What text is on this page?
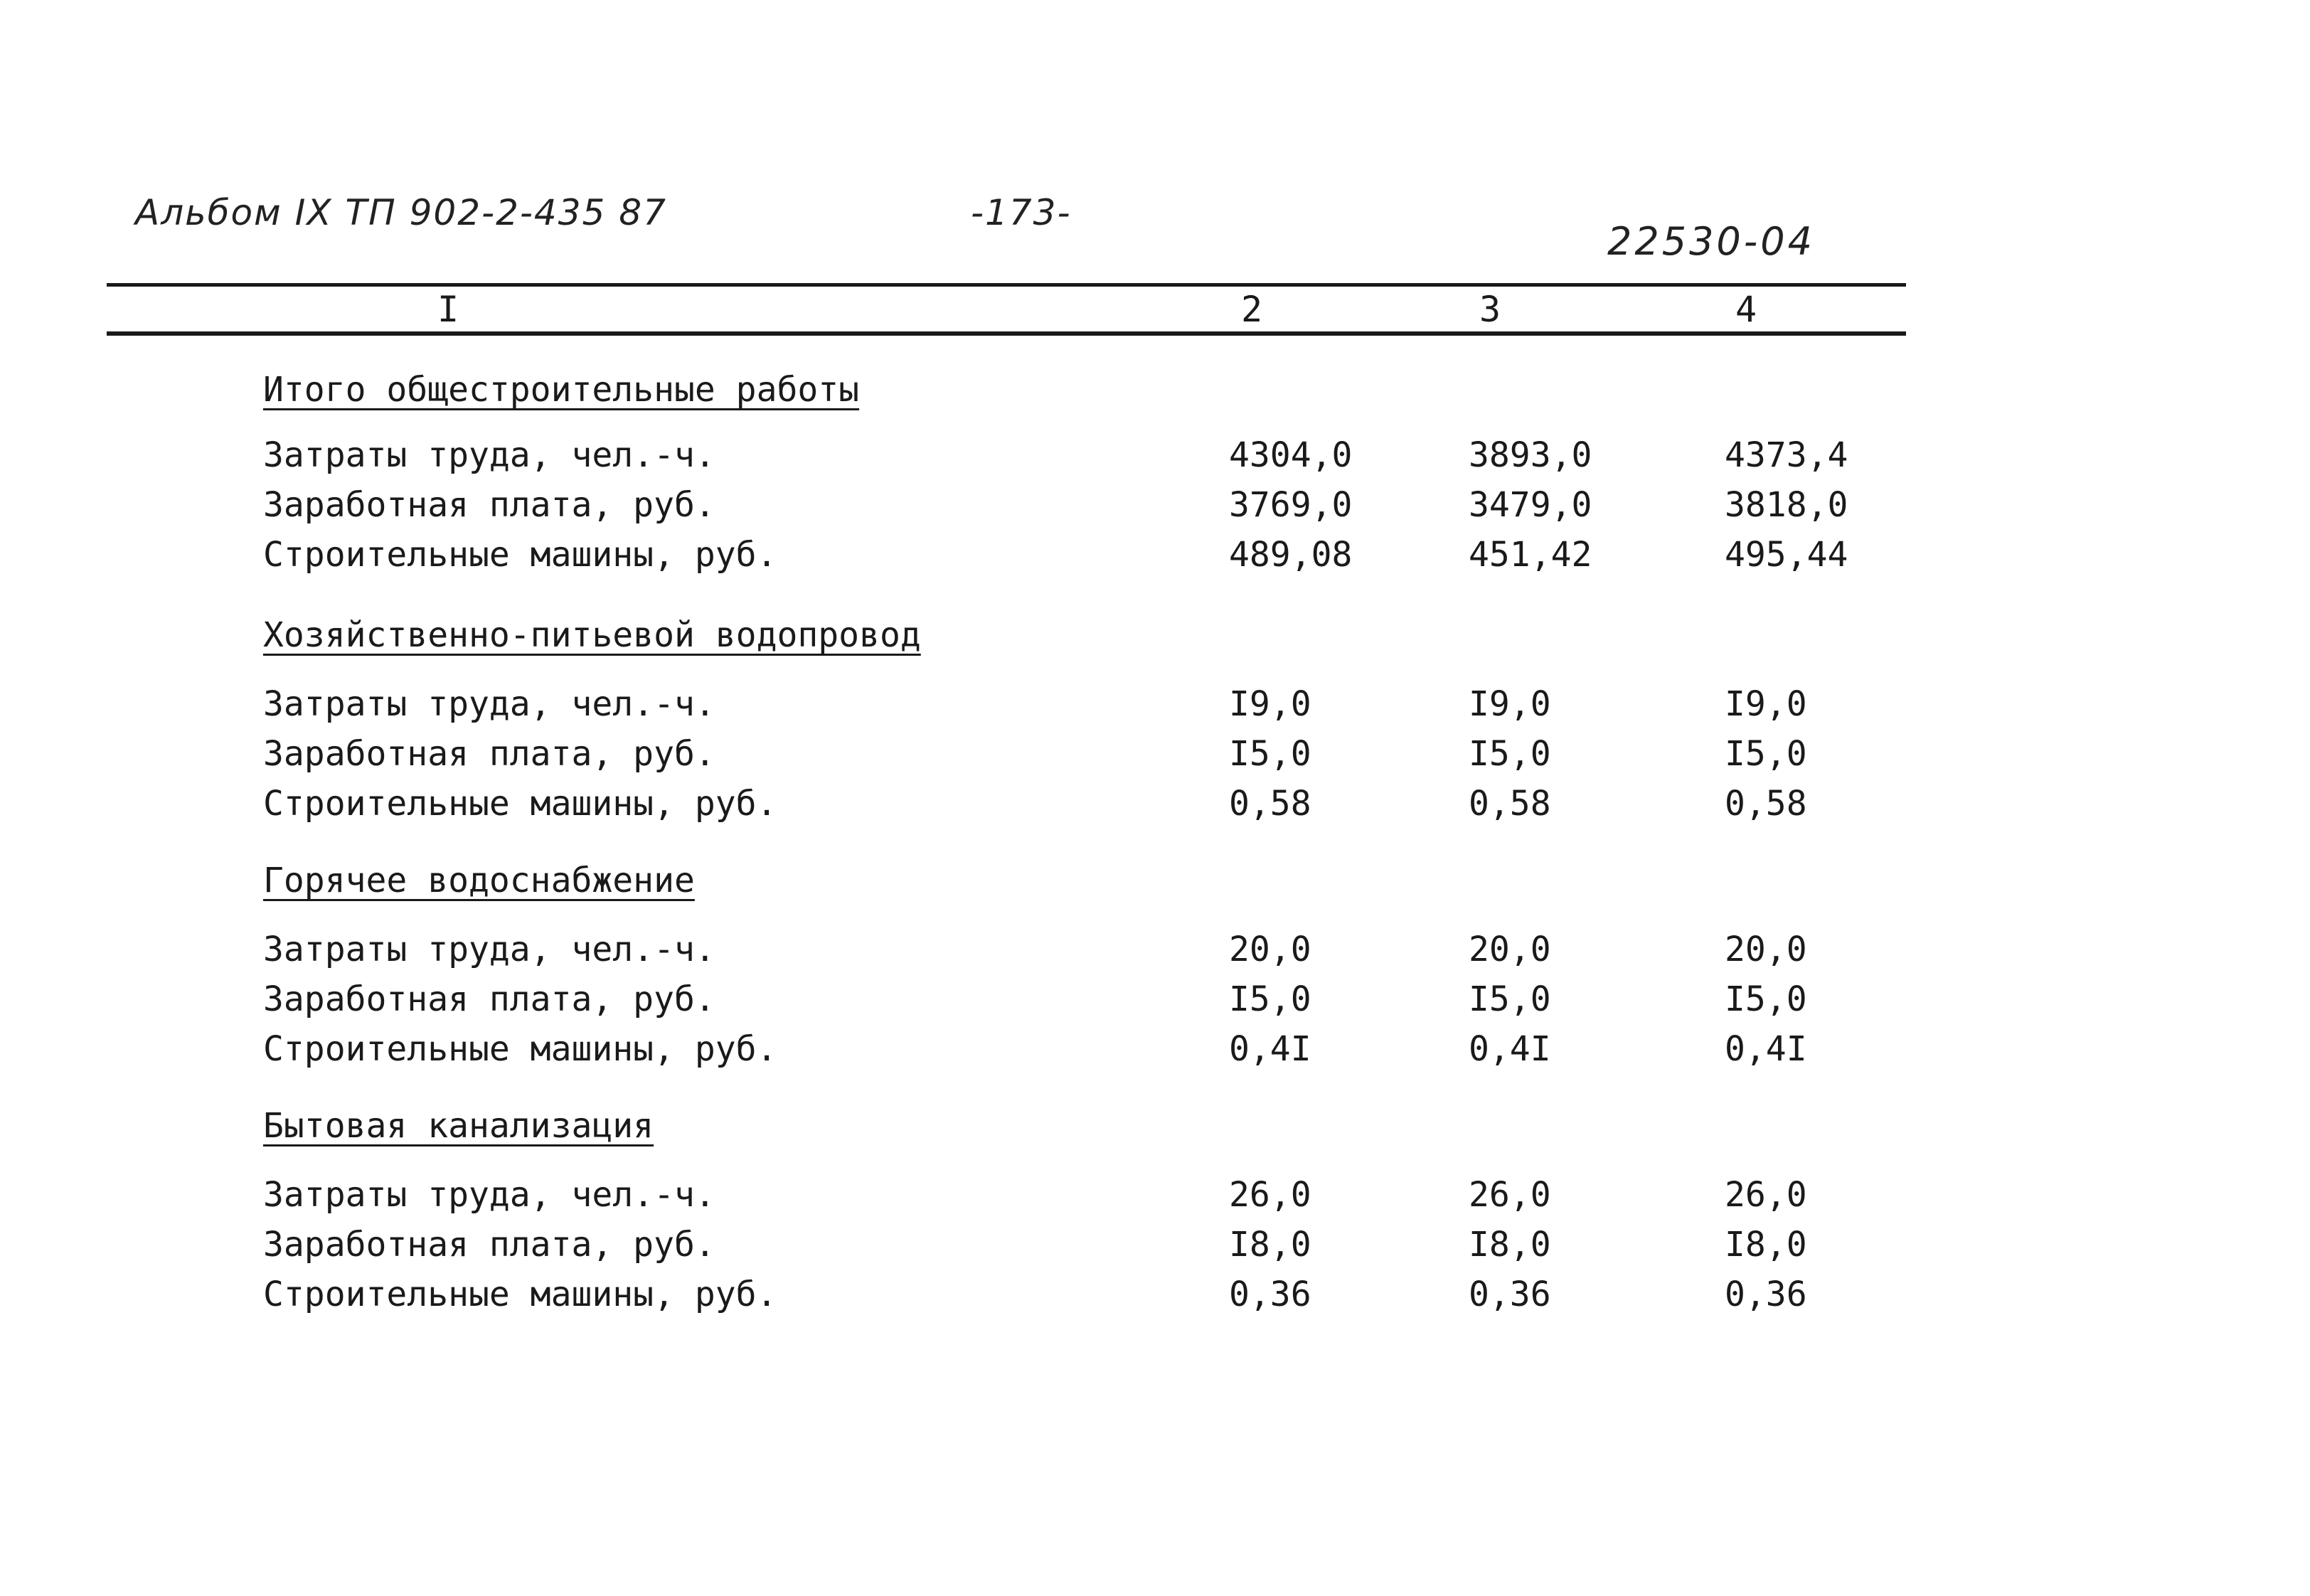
Альбом IX ТП 902-2-435 87	-173-
22530-04
I	2	3	4
Итого общестроительные работы
Затраты труда, чел.-ч.	4304,0	3893,0	4373,4
Заработная плата, руб.	3769,0	3479,0	3818,0
Строительные машины, руб.	489,08	451,42	495,44
Хозяйственно-питьевой водопровод
Затраты труда, чел.-ч.	I9,0	I9,0	I9,0
Заработная плата, руб.	I5,0	I5,0	I5,0
Строительные машины, руб.	0,58	0,58	0,58
Горячее водоснабжение
Затраты труда, чел.-ч.	20,0	20,0	20,0
Заработная плата, руб.	I5,0	I5,0	I5,0
Строительные машины, руб.	0,4I	0,4I	0,4I
Бытовая канализация
Затраты труда, чел.-ч.	26,0	26,0	26,0
Заработная плата, руб.	I8,0	I8,0	I8,0
Строительные машины, руб.	0,36	0,36	0,36
